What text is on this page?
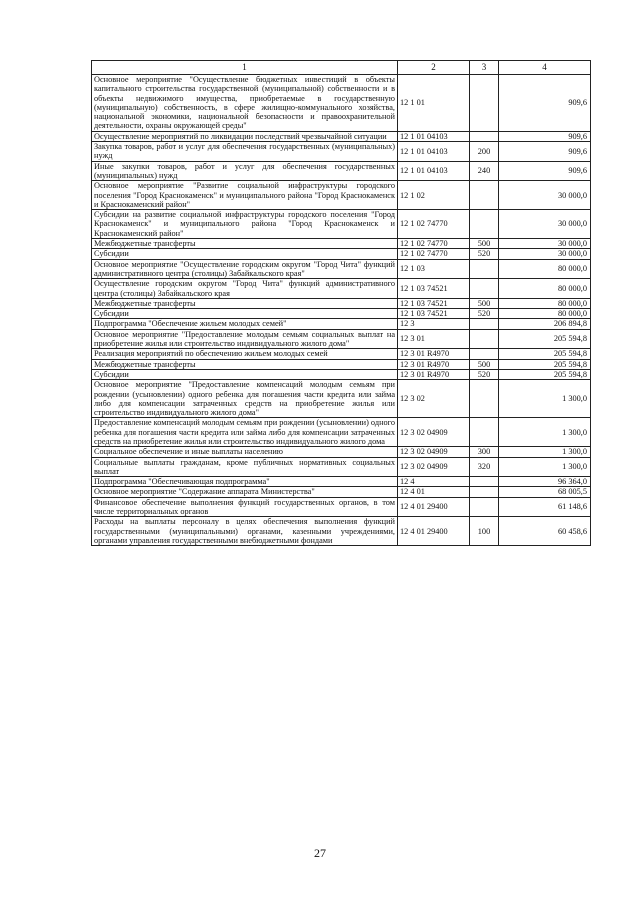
1	2	3	4
Основное мероприятие "Осуществление бюджетных инвестиций в объекты капитального строительства государственной (муниципальной) собственности и в объекты недвижимого имущества, приобретаемые в государственную (муниципальную) собственность, в сфере жилищно-коммунального хозяйства, национальной экономики, национальной безопасности и правоохранительной деятельности, охраны окружающей среды"	12 1 01		909,6
Осуществление мероприятий по ликвидации последствий чрезвычайной ситуации	12 1 01 04103		909,6
Закупка товаров, работ и услуг для обеспечения государственных (муниципальных) нужд	12 1 01 04103	200	909,6
Иные закупки товаров, работ и услуг для обеспечения государственных (муниципальных) нужд	12 1 01 04103	240	909,6
Основное мероприятие "Развитие социальной инфраструктуры городского поселения "Город Краснокаменск" и муниципального района "Город Краснокаменск и Краснокаменский район"	12 1 02		30 000,0
Субсидии на развитие социальной инфраструктуры городского поселения "Город Краснокаменск" и муниципального района "Город Краснокаменск и Краснокаменский район"	12 1 02 74770		30 000,0
Межбюджетные трансферты	12 1 02 74770	500	30 000,0
Субсидии	12 1 02 74770	520	30 000,0
Основное мероприятие "Осуществление городским округом "Город Чита" функций административного центра (столицы) Забайкальского края"	12 1 03		80 000,0
Осуществление городским округом "Город Чита" функций административного центра (столицы) Забайкальского края	12 1 03 74521		80 000,0
Межбюджетные трансферты	12 1 03 74521	500	80 000,0
Субсидии	12 1 03 74521	520	80 000,0
Подпрограмма "Обеспечение жильем молодых семей"	12 3		206 894,8
Основное мероприятие "Предоставление молодым семьям социальных выплат на приобретение жилья или строительство индивидуального жилого дома"	12 3 01		205 594,8
Реализация мероприятий по обеспечению жильем молодых семей	12 3 01 R4970		205 594,8
Межбюджетные трансферты	12 3 01 R4970	500	205 594,8
Субсидии	12 3 01 R4970	520	205 594,8
Основное мероприятие "Предоставление компенсаций молодым семьям при рождении (усыновлении) одного ребенка для погашения части кредита или займа либо для компенсации затраченных средств на приобретение жилья или строительство индивидуального жилого дома"	12 3 02		1 300,0
Предоставление компенсаций молодым семьям при рождении (усыновлении) одного ребенка для погашения части кредита или займа либо для компенсации затраченных средств на приобретение жилья или строительство индивидуального жилого дома	12 3 02 04909		1 300,0
Социальное обеспечение и иные выплаты населению	12 3 02 04909	300	1 300,0
Социальные выплаты гражданам, кроме публичных нормативных социальных выплат	12 3 02 04909	320	1 300,0
Подпрограмма "Обеспечивающая подпрограмма"	12 4		96 364,0
Основное мероприятие "Содержание аппарата Министерства"	12 4 01		68 005,5
Финансовое обеспечение выполнения функций государственных органов, в том числе территориальных органов	12 4 01 29400		61 148,6
Расходы на выплаты персоналу в целях обеспечения выполнения функций государственными (муниципальными) органами, казенными учреждениями, органами управления государственными внебюджетными фондами	12 4 01 29400	100	60 458,6
27
